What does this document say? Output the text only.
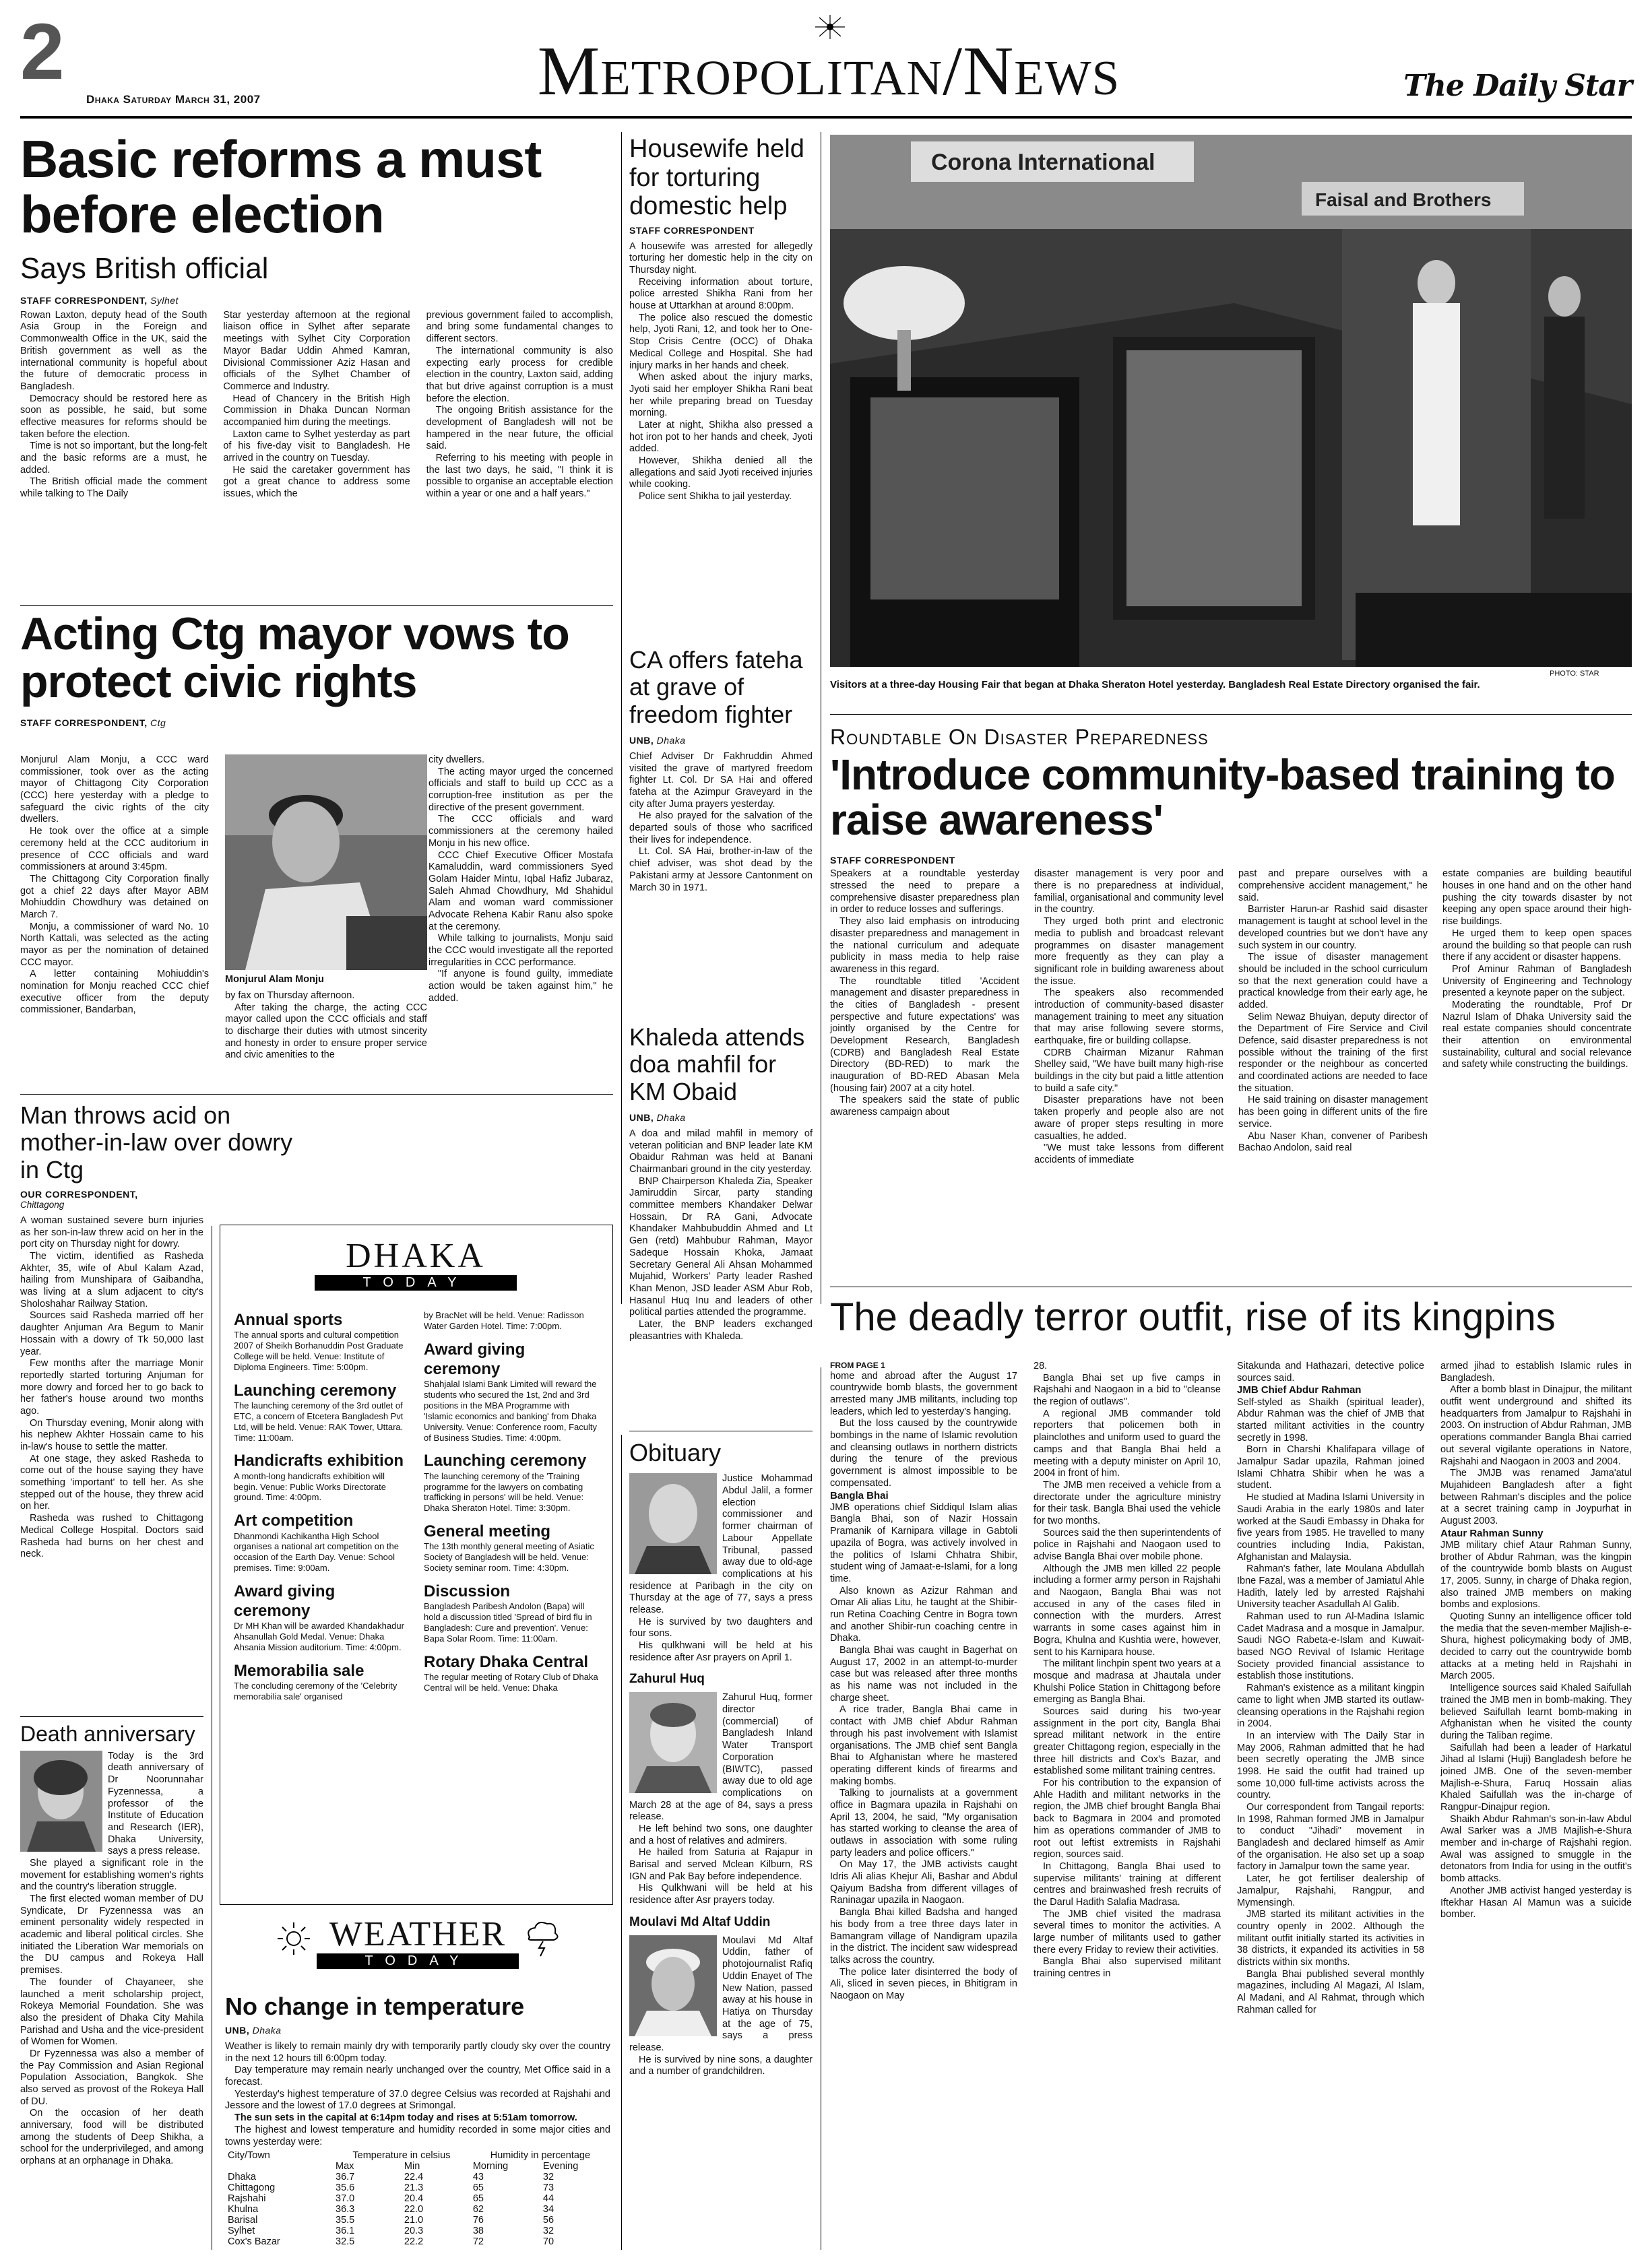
2
Dhaka Saturday March 31, 2007	Metropolitan/News	The Daily Star
Basic reforms a must before election
Says British official
STAFF CORRESPONDENT, Sylhet

Rowan Laxton, deputy head of the South Asia Group in the Foreign and Commonwealth Office in the UK, said the British government as well as the international community is hopeful about the future of democratic process in Bangladesh.

Democracy should be restored here as soon as possible, he said, but some effective measures for reforms should be taken before the election.

Time is not so important, but the long-felt and the basic reforms are a must, he added.

The British official made the comment while talking to The Daily

Star yesterday afternoon at the regional liaison office in Sylhet after separate meetings with Sylhet City Corporation Mayor Badar Uddin Ahmed Kamran, Divisional Commissioner Aziz Hasan and officials of the Sylhet Chamber of Commerce and Industry.

Head of Chancery in the British High Commission in Dhaka Duncan Norman accompanied him during the meetings.

Laxton came to Sylhet yesterday as part of his five-day visit to Bangladesh. He arrived in the country on Tuesday.

He said the caretaker government has got a great chance to address some issues, which the

previous government failed to accomplish, and bring some fundamental changes to different sectors.

The international community is also expecting early process for credible election in the country, Laxton said, adding that but drive against corruption is a must before the election.

The ongoing British assistance for the development of Bangladesh will not be hampered in the near future, the official said.

Referring to his meeting with people in the last two days, he said, "I think it is possible to organise an acceptable election within a year or one and a half years."

Housewife held for torturing domestic help
STAFF CORRESPONDENT

A housewife was arrested for allegedly torturing her domestic help in the city on Thursday night.

Receiving information about torture, police arrested Shikha Rani from her house at Uttarkhan at around 8:00pm.

The police also rescued the domestic help, Jyoti Rani, 12, and took her to One-Stop Crisis Centre (OCC) of Dhaka Medical College and Hospital. She had injury marks in her hands and cheek.

When asked about the injury marks, Jyoti said her employer Shikha Rani beat her while preparing bread on Tuesday morning.

Later at night, Shikha also pressed a hot iron pot to her hands and cheek, Jyoti added.

However, Shikha denied all the allegations and said Jyoti received injuries while cooking.

Police sent Shikha to jail yesterday.

Corona International
Faisal and Brothers
PHOTO: STAR
Visitors at a three-day Housing Fair that began at Dhaka Sheraton Hotel yesterday. Bangladesh Real Estate Directory organised the fair.
Acting Ctg mayor vows to protect civic rights
STAFF CORRESPONDENT, Ctg

Monjurul Alam Monju, a CCC ward commissioner, took over as the acting mayor of Chittagong City Corporation (CCC) here yesterday with a pledge to safeguard the civic rights of the city dwellers.

He took over the office at a simple ceremony held at the CCC auditorium in presence of CCC officials and ward commissioners at around 3:45pm.

The Chittagong City Corporation finally got a chief 22 days after Mayor ABM Mohiuddin Chowdhury was detained on March 7.

Monju, a commissioner of ward No. 10 North Kattali, was selected as the acting mayor as per the nomination of detained CCC mayor.

A letter containing Mohiuddin's nomination for Monju reached CCC chief executive officer from the deputy commissioner, Bandarban,

Monjurul Alam Monju

by fax on Thursday afternoon.

After taking the charge, the acting CCC mayor called upon the CCC officials and staff to discharge their duties with utmost sincerity and honesty in order to ensure proper service and civic amenities to the

city dwellers.

The acting mayor urged the concerned officials and staff to build up CCC as a corruption-free institution as per the directive of the present government.

The CCC officials and ward commissioners at the ceremony hailed Monju in his new office.

CCC Chief Executive Officer Mostafa Kamaluddin, ward commissioners Syed Golam Haider Mintu, Iqbal Hafiz Jubaraz, Saleh Ahmad Chowdhury, Md Shahidul Alam and woman ward commissioner Advocate Rehena Kabir Ranu also spoke at the ceremony.

While talking to journalists, Monju said the CCC would investigate all the reported irregularities in CCC performance.

"If anyone is found guilty, immediate action would be taken against him," he added.

CA offers fateha at grave of freedom fighter
UNB, Dhaka

Chief Adviser Dr Fakhruddin Ahmed visited the grave of martyred freedom fighter Lt. Col. Dr SA Hai and offered fateha at the Azimpur Graveyard in the city after Juma prayers yesterday.

He also prayed for the salvation of the departed souls of those who sacrificed their lives for independence.

Lt. Col. SA Hai, brother-in-law of the chief adviser, was shot dead by the Pakistani army at Jessore Cantonment on March 30 in 1971.

Khaleda attends doa mahfil for KM Obaid
UNB, Dhaka

A doa and milad mahfil in memory of veteran politician and BNP leader late KM Obaidur Rahman was held at Banani Chairmanbari ground in the city yesterday.

BNP Chairperson Khaleda Zia, Speaker Jamiruddin Sircar, party standing committee members Khandaker Delwar Hossain, Dr RA Gani, Advocate Khandaker Mahbubuddin Ahmed and Lt Gen (retd) Mahbubur Rahman, Mayor Sadeque Hossain Khoka, Jamaat Secretary General Ali Ahsan Mohammed Mujahid, Workers' Party leader Rashed Khan Menon, JSD leader ASM Abur Rob, Hasanul Huq Inu and leaders of other political parties attended the programme.

Later, the BNP leaders exchanged pleasantries with Khaleda.

Roundtable On Disaster Preparedness
'Introduce community-based training to raise awareness'
STAFF CORRESPONDENT

Speakers at a roundtable yesterday stressed the need to prepare a comprehensive disaster preparedness plan in order to reduce losses and sufferings.

They also laid emphasis on introducing disaster preparedness and management in the national curriculum and adequate publicity in mass media to help raise awareness in this regard.

The roundtable titled 'Accident management and disaster preparedness in the cities of Bangladesh - present perspective and future expectations' was jointly organised by the Centre for Development Research, Bangladesh (CDRB) and Bangladesh Real Estate Directory (BD-RED) to mark the inauguration of BD-RED Abasan Mela (housing fair) 2007 at a city hotel.

The speakers said the state of public awareness campaign about

disaster management is very poor and there is no preparedness at individual, familial, organisational and community level in the country.

They urged both print and electronic media to publish and broadcast relevant programmes on disaster management more frequently as they can play a significant role in building awareness about the issue.

The speakers also recommended introduction of community-based disaster management training to meet any situation that may arise following severe storms, earthquake, fire or building collapse.

CDRB Chairman Mizanur Rahman Shelley said, "We have built many high-rise buildings in the city but paid a little attention to build a safe city."

Disaster preparations have not been taken properly and people also are not aware of proper steps resulting in more casualties, he added.

"We must take lessons from different accidents of immediate

past and prepare ourselves with a comprehensive accident management," he said.

Barrister Harun-ar Rashid said disaster management is taught at school level in the developed countries but we don't have any such system in our country.

The issue of disaster management should be included in the school curriculum so that the next generation could have a practical knowledge from their early age, he added.

Selim Newaz Bhuiyan, deputy director of the Department of Fire Service and Civil Defence, said disaster preparedness is not possible without the training of the first responder or the neighbour as concerted and coordinated actions are needed to face the situation.

He said training on disaster management has been going in different units of the fire service.

Abu Naser Khan, convener of Paribesh Bachao Andolon, said real

estate companies are building beautiful houses in one hand and on the other hand pushing the city towards disaster by not keeping any open space around their high-rise buildings.

He urged them to keep open spaces around the building so that people can rush there if any accident or disaster happens.

Prof Aminur Rahman of Bangladesh University of Engineering and Technology presented a keynote paper on the subject.

Moderating the roundtable, Prof Dr Nazrul Islam of Dhaka University said the real estate companies should concentrate their attention on environmental sustainability, cultural and social relevance and safety while constructing the buildings.

Man throws acid on mother-in-law over dowry in Ctg
OUR CORRESPONDENT,
Chittagong

A woman sustained severe burn injuries as her son-in-law threw acid on her in the port city on Thursday night for dowry.

The victim, identified as Rasheda Akhter, 35, wife of Abul Kalam Azad, hailing from Munshipara of Gaibandha, was living at a slum adjacent to city's Sholoshahar Railway Station.

Sources said Rasheda married off her daughter Anjuman Ara Begum to Manir Hossain with a dowry of Tk 50,000 last year.

Few months after the marriage Monir reportedly started torturing Anjuman for more dowry and forced her to go back to her father's house around two months ago.

On Thursday evening, Monir along with his nephew Akhter Hossain came to his in-law's house to settle the matter.

At one stage, they asked Rasheda to come out of the house saying they have something 'important' to tell her. As she stepped out of the house, they threw acid on her.

Rasheda was rushed to Chittagong Medical College Hospital. Doctors said Rasheda had burns on her chest and neck.

Death anniversary

Today is the 3rd death anniversary of Dr Noorunnahar Fyzennessa, a professor of the Institute of Education and Research (IER), Dhaka University, says a press release.

She played a significant role in the movement for establishing women's rights and the country's liberation struggle.

The first elected woman member of DU Syndicate, Dr Fyzennessa was an eminent personality widely respected in academic and liberal political circles. She initiated the Liberation War memorials on the DU campus and Rokeya Hall premises.

The founder of Chayaneer, she launched a merit scholarship project, Rokeya Memorial Foundation. She was also the president of Dhaka City Mahila Parishad and Usha and the vice-president of Women for Women.

Dr Fyzennessa was also a member of the Pay Commission and Asian Regional Population Association, Bangkok. She also served as provost of the Rokeya Hall of DU.

On the occasion of her death anniversary, food will be distributed among the students of Deep Shikha, a school for the underprivileged, and among orphans at an orphanage in Dhaka.

DHAKA
TODAY
Annual sports
The annual sports and cultural competition 2007 of Sheikh Borhanuddin Post Graduate College will be held. Venue: Institute of Diploma Engineers. Time: 5:00pm.
Launching ceremony
The launching ceremony of the 3rd outlet of ETC, a concern of Etcetera Bangladesh Pvt Ltd, will be held. Venue: RAK Tower, Uttara. Time: 11:00am.
Handicrafts exhibition
A month-long handicrafts exhibition will begin. Venue: Public Works Directorate ground. Time: 4:00pm.
Art competition
Dhanmondi Kachikantha High School organises a national art competition on the occasion of the Earth Day. Venue: School premises. Time: 9:00am.
Award giving ceremony
Dr MH Khan will be awarded Khandakhadur Ahsanullah Gold Medal. Venue: Dhaka Ahsania Mission auditorium. Time: 4:00pm.
Memorabilia sale
The concluding ceremony of the 'Celebrity memorabilia sale' organised
by BracNet will be held. Venue: Radisson Water Garden Hotel. Time: 7:00pm.
Award giving ceremony
Shahjalal Islami Bank Limited will reward the students who secured the 1st, 2nd and 3rd positions in the MBA Programme with 'Islamic economics and banking' from Dhaka University. Venue: Conference room, Faculty of Business Studies. Time: 4:00pm.
Launching ceremony
The launching ceremony of the 'Training programme for the lawyers on combating trafficking in persons' will be held. Venue: Dhaka Sheraton Hotel. Time: 3:30pm.
General meeting
The 13th monthly general meeting of Asiatic Society of Bangladesh will be held. Venue: Society seminar room. Time: 4:30pm.
Discussion
Bangladesh Paribesh Andolon (Bapa) will hold a discussion titled 'Spread of bird flu in Bangladesh: Cure and prevention'. Venue: Bapa Solar Room. Time: 11:00am.
Rotary Dhaka Central
The regular meeting of Rotary Club of Dhaka Central will be held. Venue: Dhaka
WEATHER
TODAY
No change in temperature
UNB, Dhaka

Weather is likely to remain mainly dry with temporarily partly cloudy sky over the country in the next 12 hours till 6:00pm today.

Day temperature may remain nearly unchanged over the country, Met Office said in a forecast.

Yesterday's highest temperature of 37.0 degree Celsius was recorded at Rajshahi and Jessore and the lowest of 17.0 degrees at Srimongal.

The sun sets in the capital at 6:14pm today and rises at 5:51am tomorrow.

The highest and lowest temperature and humidity recorded in some major cities and towns yesterday were:

City/Town	Temperature in celsius		Humidity in percentage	
	Max	Min	Morning	Evening
Dhaka	36.7	22.4	43	32
Chittagong	35.6	21.3	65	73
Rajshahi	37.0	20.4	65	44
Khulna	36.3	22.0	62	34
Barisal	35.5	21.0	76	56
Sylhet	36.1	20.3	38	32
Cox's Bazar	32.5	22.2	72	70
Obituary

Justice Mohammad Abdul Jalil, a former election commissioner and former chairman of Labour Appellate Tribunal, passed away due to old-age complications at his residence at Paribagh in the city on Thursday at the age of 77, says a press release.

He is survived by two daughters and four sons.

His qulkhwani will be held at his residence after Asr prayers on April 1.

Zahurul Huq

Zahurul Huq, former director (commercial) of Bangladesh Inland Water Transport Corporation (BIWTC), passed away due to old age complications on March 28 at the age of 84, says a press release.

He left behind two sons, one daughter and a host of relatives and admirers.

He hailed from Saturia at Rajapur in Barisal and served Mclean Kilburn, RS IGN and Pak Bay before independence.

His Qulkhwani will be held at his residence after Asr prayers today.

Moulavi Md Altaf Uddin

Moulavi Md Altaf Uddin, father of photojournalist Rafiq Uddin Enayet of The New Nation, passed away at his house in Hatiya on Thursday at the age of 75, says a press release.

He is survived by nine sons, a daughter and a number of grandchildren.

The deadly terror outfit, rise of its kingpins
FROM PAGE 1

home and abroad after the August 17 countrywide bomb blasts, the government arrested many JMB militants, including top leaders, which led to yesterday's hanging.

But the loss caused by the countrywide bombings in the name of Islamic revolution and cleansing outlaws in northern districts during the tenure of the previous government is almost impossible to be compensated.

Bangla Bhai

JMB operations chief Siddiqul Islam alias Bangla Bhai, son of Nazir Hossain Pramanik of Karnipara village in Gabtoli upazila of Bogra, was actively involved in the politics of Islami Chhatra Shibir, student wing of Jamaat-e-Islami, for a long time.

Also known as Azizur Rahman and Omar Ali alias Litu, he taught at the Shibir-run Retina Coaching Centre in Bogra town and another Shibir-run coaching centre in Dhaka.

Bangla Bhai was caught in Bagerhat on August 17, 2002 in an attempt-to-murder case but was released after three months as his name was not included in the charge sheet.

A rice trader, Bangla Bhai came in contact with JMB chief Abdur Rahman through his past involvement with Islamist organisations. The JMB chief sent Bangla Bhai to Afghanistan where he mastered operating different kinds of firearms and making bombs.

Talking to journalists at a government office in Bagmara upazila in Rajshahi on April 13, 2004, he said, "My organisation has started working to cleanse the area of outlaws in association with some ruling party leaders and police officers."

On May 17, the JMB activists caught Idris Ali alias Khejur Ali, Bashar and Abdul Qaiyum Badsha from different villages of Raninagar upazila in Naogaon.

Bangla Bhai killed Badsha and hanged his body from a tree three days later in Bamangram village of Nandigram upazila in the district. The incident saw widespread talks across the country.

The police later disinterred the body of Ali, sliced in seven pieces, in Bhitigram in Naogaon on May

28.

Bangla Bhai set up five camps in Rajshahi and Naogaon in a bid to "cleanse the region of outlaws".

A regional JMB commander told reporters that policemen both in plainclothes and uniform used to guard the camps and that Bangla Bhai held a meeting with a deputy minister on April 10, 2004 in front of him.

The JMB men received a vehicle from a directorate under the agriculture ministry for their task. Bangla Bhai used the vehicle for two months.

Sources said the then superintendents of police in Rajshahi and Naogaon used to advise Bangla Bhai over mobile phone.

Although the JMB men killed 22 people including a former army person in Rajshahi and Naogaon, Bangla Bhai was not accused in any of the cases filed in connection with the murders. Arrest warrants in some cases against him in Bogra, Khulna and Kushtia were, however, sent to his Karnipara house.

The militant linchpin spent two years at a mosque and madrasa at Jhautala under Khulshi Police Station in Chittagong before emerging as Bangla Bhai.

Sources said during his two-year assignment in the port city, Bangla Bhai spread militant network in the entire greater Chittagong region, especially in the three hill districts and Cox's Bazar, and established some militant training centres.

For his contribution to the expansion of Ahle Hadith and militant networks in the region, the JMB chief brought Bangla Bhai back to Bagmara in 2004 and promoted him as operations commander of JMB to root out leftist extremists in Rajshahi region, sources said.

In Chittagong, Bangla Bhai used to supervise militants' training at different centres and brainwashed fresh recruits of the Darul Hadith Salafia Madrasa.

The JMB chief visited the madrasa several times to monitor the activities. A large number of militants used to gather there every Friday to review their activities.

Bangla Bhai also supervised militant training centres in

Sitakunda and Hathazari, detective police sources said.

JMB Chief Abdur Rahman

Self-styled as Shaikh (spiritual leader), Abdur Rahman was the chief of JMB that started militant activities in the country secretly in 1998.

Born in Charshi Khalifapara village of Jamalpur Sadar upazila, Rahman joined Islami Chhatra Shibir when he was a student.

He studied at Madina Islami University in Saudi Arabia in the early 1980s and later worked at the Saudi Embassy in Dhaka for five years from 1985. He travelled to many countries including India, Pakistan, Afghanistan and Malaysia.

Rahman's father, late Moulana Abdullah Ibne Fazal, was a member of Jamiatul Ahle Hadith, lately led by arrested Rajshahi University teacher Asadullah Al Galib.

Rahman used to run Al-Madina Islamic Cadet Madrasa and a mosque in Jamalpur. Saudi NGO Rabeta-e-Islam and Kuwait-based NGO Revival of Islamic Heritage Society provided financial assistance to establish those institutions.

Rahman's existence as a militant kingpin came to light when JMB started its outlaw-cleansing operations in the Rajshahi region in 2004.

In an interview with The Daily Star in May 2006, Rahman admitted that he had been secretly operating the JMB since 1998. He said the outfit had trained up some 10,000 full-time activists across the country.

Our correspondent from Tangail reports: In 1998, Rahman formed JMB in Jamalpur to conduct "Jihadi" movement in Bangladesh and declared himself as Amir of the organisation. He also set up a soap factory in Jamalpur town the same year.

Later, he got fertiliser dealership of Jamalpur, Rajshahi, Rangpur, and Mymensingh.

JMB started its militant activities in the country openly in 2002. Although the militant outfit initially started its activities in 38 districts, it expanded its activities in 58 districts within six months.

Bangla Bhai published several monthly magazines, including Al Magazi, Al Islam, Al Madani, and Al Rahmat, through which Rahman called for

armed jihad to establish Islamic rules in Bangladesh.

After a bomb blast in Dinajpur, the militant outfit went underground and shifted its headquarters from Jamalpur to Rajshahi in 2003. On instruction of Abdur Rahman, JMB operations commander Bangla Bhai carried out several vigilante operations in Natore, Rajshahi and Naogaon in 2003 and 2004.

The JMJB was renamed Jama'atul Mujahideen Bangladesh after a fight between Rahman's disciples and the police at a secret training camp in Joypurhat in August 2003.

Ataur Rahman Sunny

JMB military chief Ataur Rahman Sunny, brother of Abdur Rahman, was the kingpin of the countrywide bomb blasts on August 17, 2005. Sunny, in charge of Dhaka region, also trained JMB members on making bombs and explosions.

Quoting Sunny an intelligence officer told the media that the seven-member Majlish-e-Shura, highest policymaking body of JMB, decided to carry out the countrywide bomb attacks at a meting held in Rajshahi in March 2005.

Intelligence sources said Khaled Saifullah trained the JMB men in bomb-making. They believed Saifullah learnt bomb-making in Afghanistan when he visited the county during the Taliban regime.

Saifullah had been a leader of Harkatul Jihad al Islami (Huji) Bangladesh before he joined JMB. One of the seven-member Majlish-e-Shura, Faruq Hossain alias Khaled Saifullah was the in-charge of Rangpur-Dinajpur region.

Shaikh Abdur Rahman's son-in-law Abdul Awal Sarker was a JMB Majlish-e-Shura member and in-charge of Rajshahi region. Awal was assigned to smuggle in the detonators from India for using in the outfit's bomb attacks.

Another JMB activist hanged yesterday is Iftekhar Hasan Al Mamun was a suicide bomber.
